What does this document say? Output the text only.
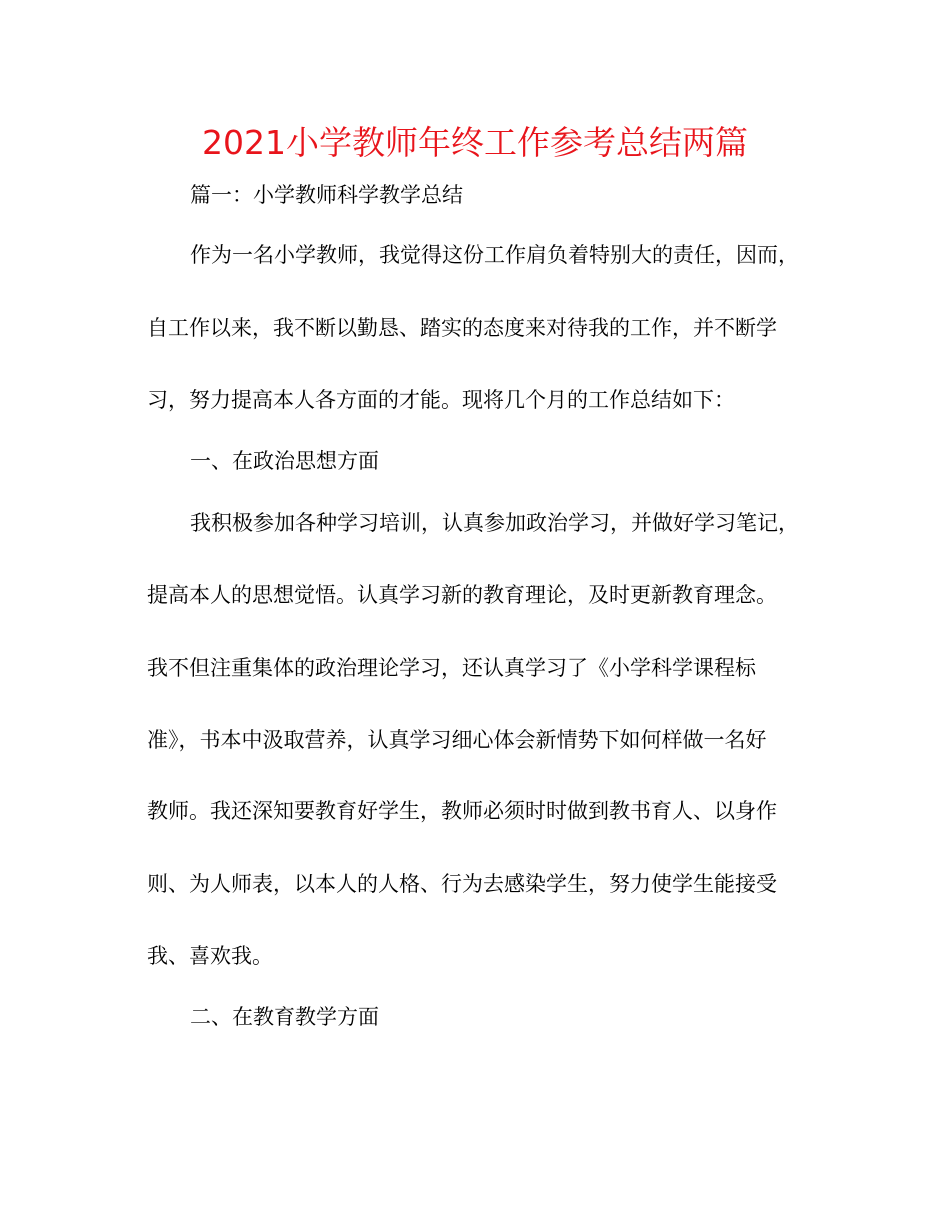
2021小学教师年终工作参考总结两篇
篇一：小学教师科学教学总结
作为一名小学教师，我觉得这份工作肩负着特别大的责任，因而，
自工作以来，我不断以勤恳、踏实的态度来对待我的工作，并不断学
习，努力提高本人各方面的才能。现将几个月的工作总结如下：
一、在政治思想方面
我积极参加各种学习培训，认真参加政治学习，并做好学习笔记，
提高本人的思想觉悟。认真学习新的教育理论，及时更新教育理念。
我不但注重集体的政治理论学习，还认真学习了《小学科学课程标
准》，书本中汲取营养，认真学习细心体会新情势下如何样做一名好
教师。我还深知要教育好学生，教师必须时时做到教书育人、以身作
则、为人师表，以本人的人格、行为去感染学生，努力使学生能接受
我、喜欢我。
二、在教育教学方面
